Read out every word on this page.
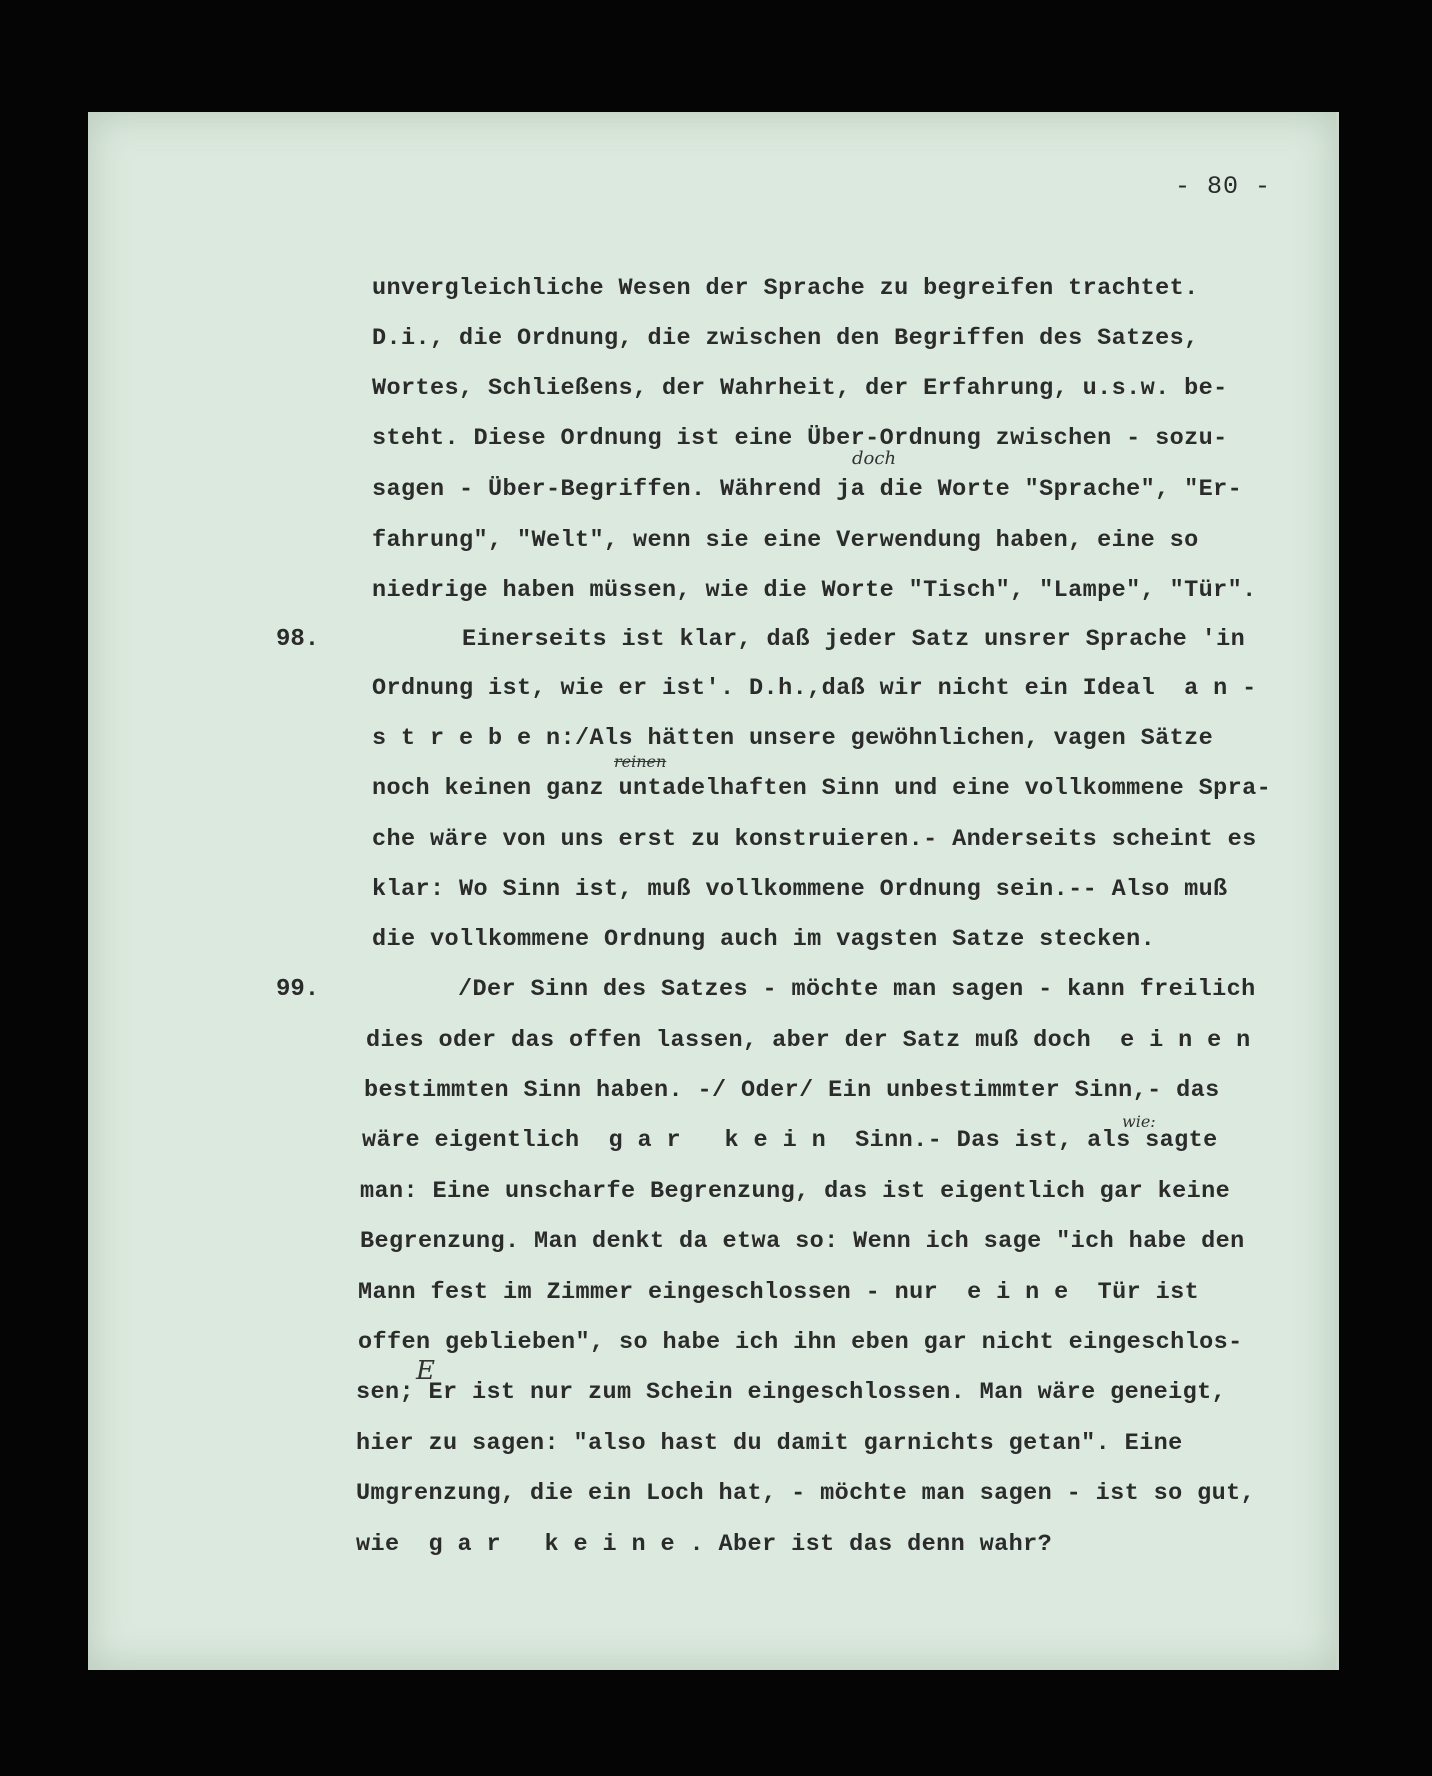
- 80 -
98.
99.
unvergleichliche Wesen der Sprache zu begreifen trachtet.
D.i., die Ordnung, die zwischen den Begriffen des Satzes,
Wortes, Schließens, der Wahrheit, der Erfahrung, u.s.w. be-
steht. Diese Ordnung ist eine Über-Ordnung zwischen - sozu-
sagen - Über-Begriffen. Während ja die Worte "Sprache", "Er-
fahrung", "Welt", wenn sie eine Verwendung haben, eine so
niedrige haben müssen, wie die Worte "Tisch", "Lampe", "Tür".
Einerseits ist klar, daß jeder Satz unsrer Sprache 'in
Ordnung ist, wie er ist'. D.h.,daß wir nicht ein Ideal  a n -
s t r e b e n:/Als hätten unsere gewöhnlichen, vagen Sätze
noch keinen ganz untadelhaften Sinn und eine vollkommene Spra-
che wäre von uns erst zu konstruieren.- Anderseits scheint es
klar: Wo Sinn ist, muß vollkommene Ordnung sein.-- Also muß
die vollkommene Ordnung auch im vagsten Satze stecken.
/Der Sinn des Satzes - möchte man sagen - kann freilich
dies oder das offen lassen, aber der Satz muß doch  e i n e n
bestimmten Sinn haben. -/ Oder/ Ein unbestimmter Sinn,- das
wäre eigentlich  g a r   k e i n  Sinn.- Das ist, als sagte
man: Eine unscharfe Begrenzung, das ist eigentlich gar keine
Begrenzung. Man denkt da etwa so: Wenn ich sage "ich habe den
Mann fest im Zimmer eingeschlossen - nur  e i n e  Tür ist
offen geblieben", so habe ich ihn eben gar nicht eingeschlos-
sen; Er ist nur zum Schein eingeschlossen. Man wäre geneigt,
hier zu sagen: "also hast du damit garnichts getan". Eine
Umgrenzung, die ein Loch hat, - möchte man sagen - ist so gut,
wie  g a r   k e i n e . Aber ist das denn wahr?
doch
reinen
wie:
E
